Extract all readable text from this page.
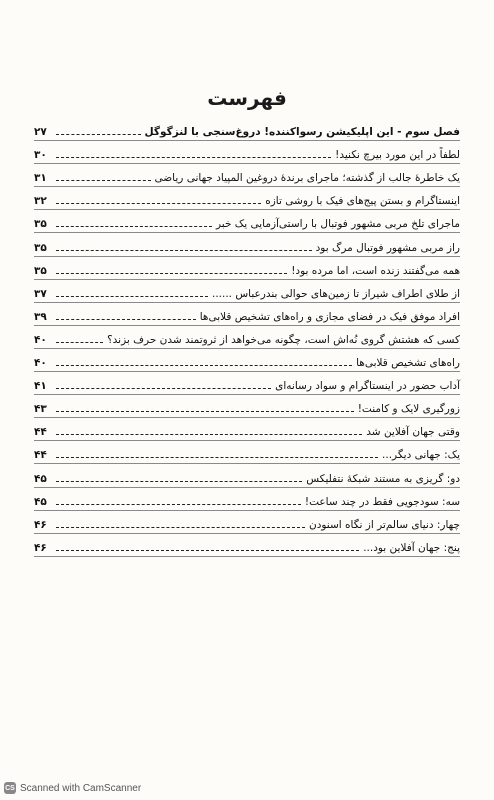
فهرست
فصل سوم - این اپلیکیشن رسواکننده! دروغ‌سنجی با لنزگوگل
۲۷
لطفاً در این مورد بیرچ نکنید!
۳۰
یک خاطرهٔ جالب از گذشته؛ ماجرای برندهٔ دروغین المپیاد جهانی ریاضی
۳۱
اینستاگرام و بستن پیج‌های فیک با روشی تازه
۳۲
ماجرای تلخ مربی مشهور فوتبال با راستی‌آزمایی یک خبر
۳۵
راز مربی مشهور فوتبال مرگ بود
۳۵
همه می‌گفتند زنده است، اما مرده بود!
۳۵
از طلای اطراف شیراز تا زمین‌های حوالی بندرعباس ......
۳۷
افراد موفق فیک در فضای مجازی و راه‌های تشخیص قلابی‌ها
۳۹
کسی که هشتش گروی نُه‌اش است، چگونه می‌خواهد از ثروتمند شدن حرف بزند؟
۴۰
راه‌های تشخیص قلابی‌ها
۴۰
آداب حضور در اینستاگرام و سواد رسانه‌ای
۴۱
زورگیری لایک و کامنت!
۴۳
وقتی جهان آفلاین شد
۴۴
یک: جهانی دیگر...
۴۴
دو: گریزی به مستند شبکهٔ نتفلیکس
۴۵
سه: سودجویی فقط در چند ساعت!
۴۵
چهار: دنیای سالم‌تر از نگاه اسنودن
۴۶
پنج: جهان آفلاین بود...
۴۶
CS Scanned with CamScanner
